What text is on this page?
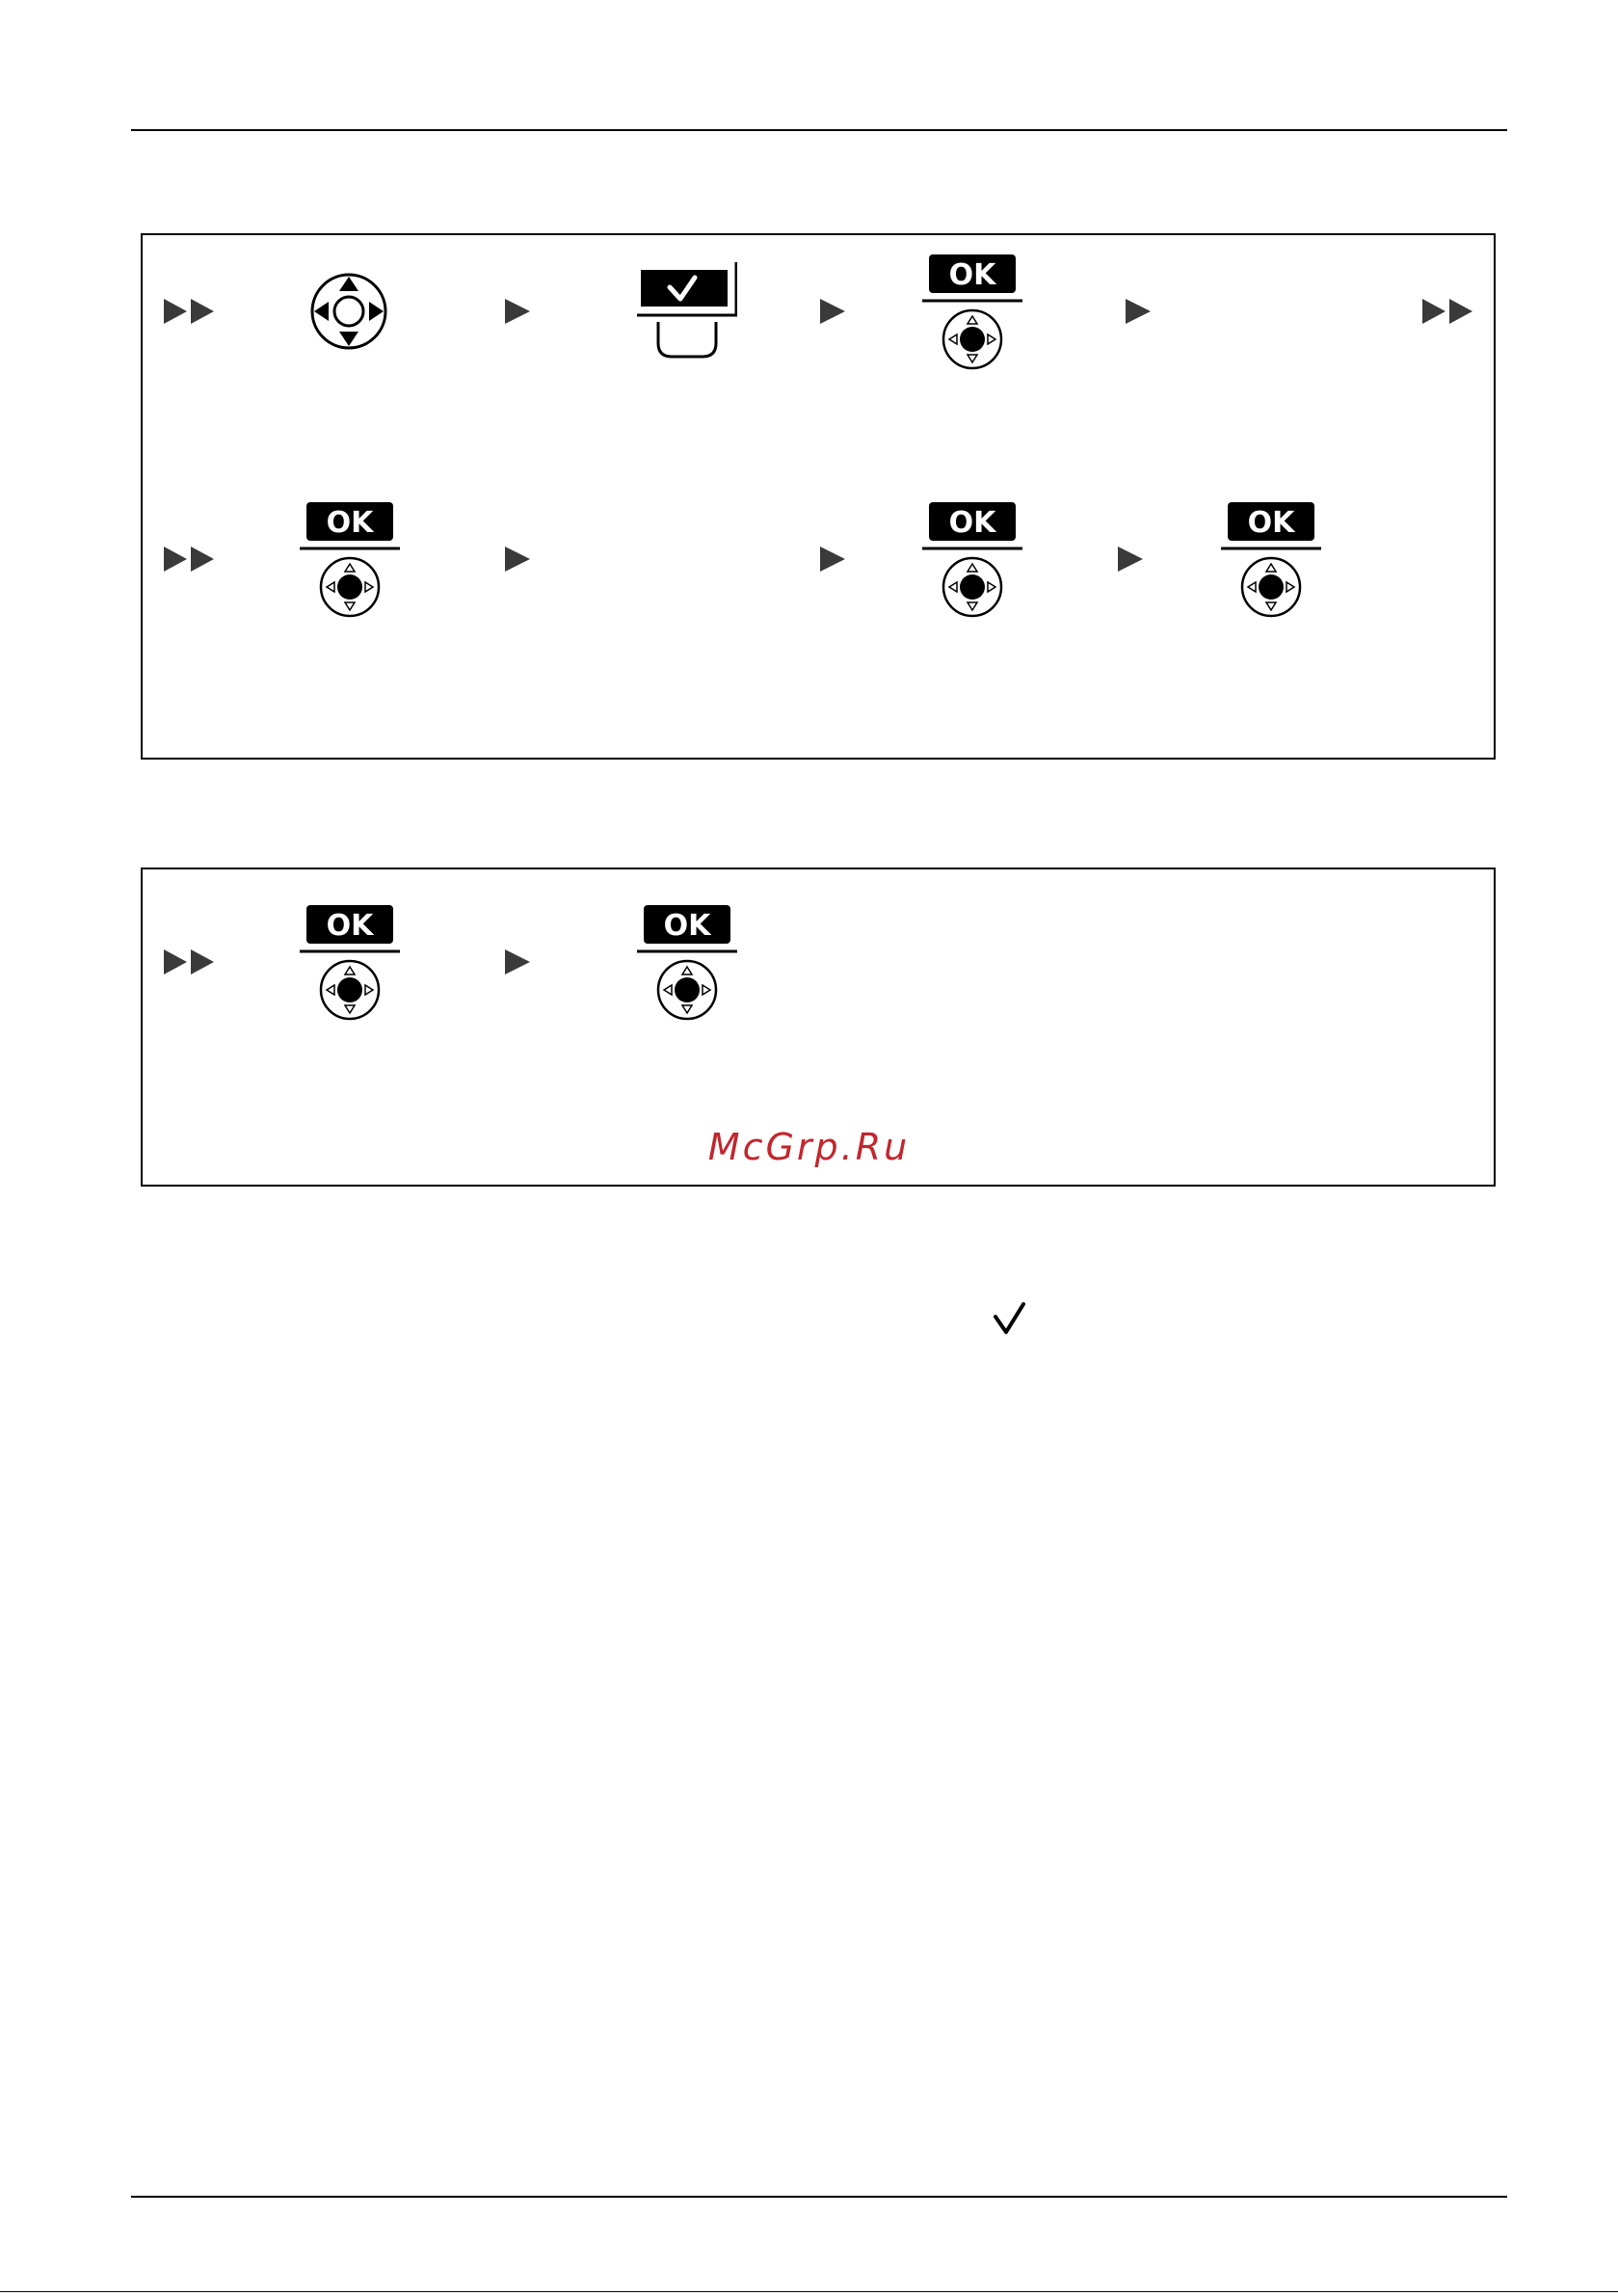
OK
OK	OK	OK
OK	OK
McGrp.Ru
